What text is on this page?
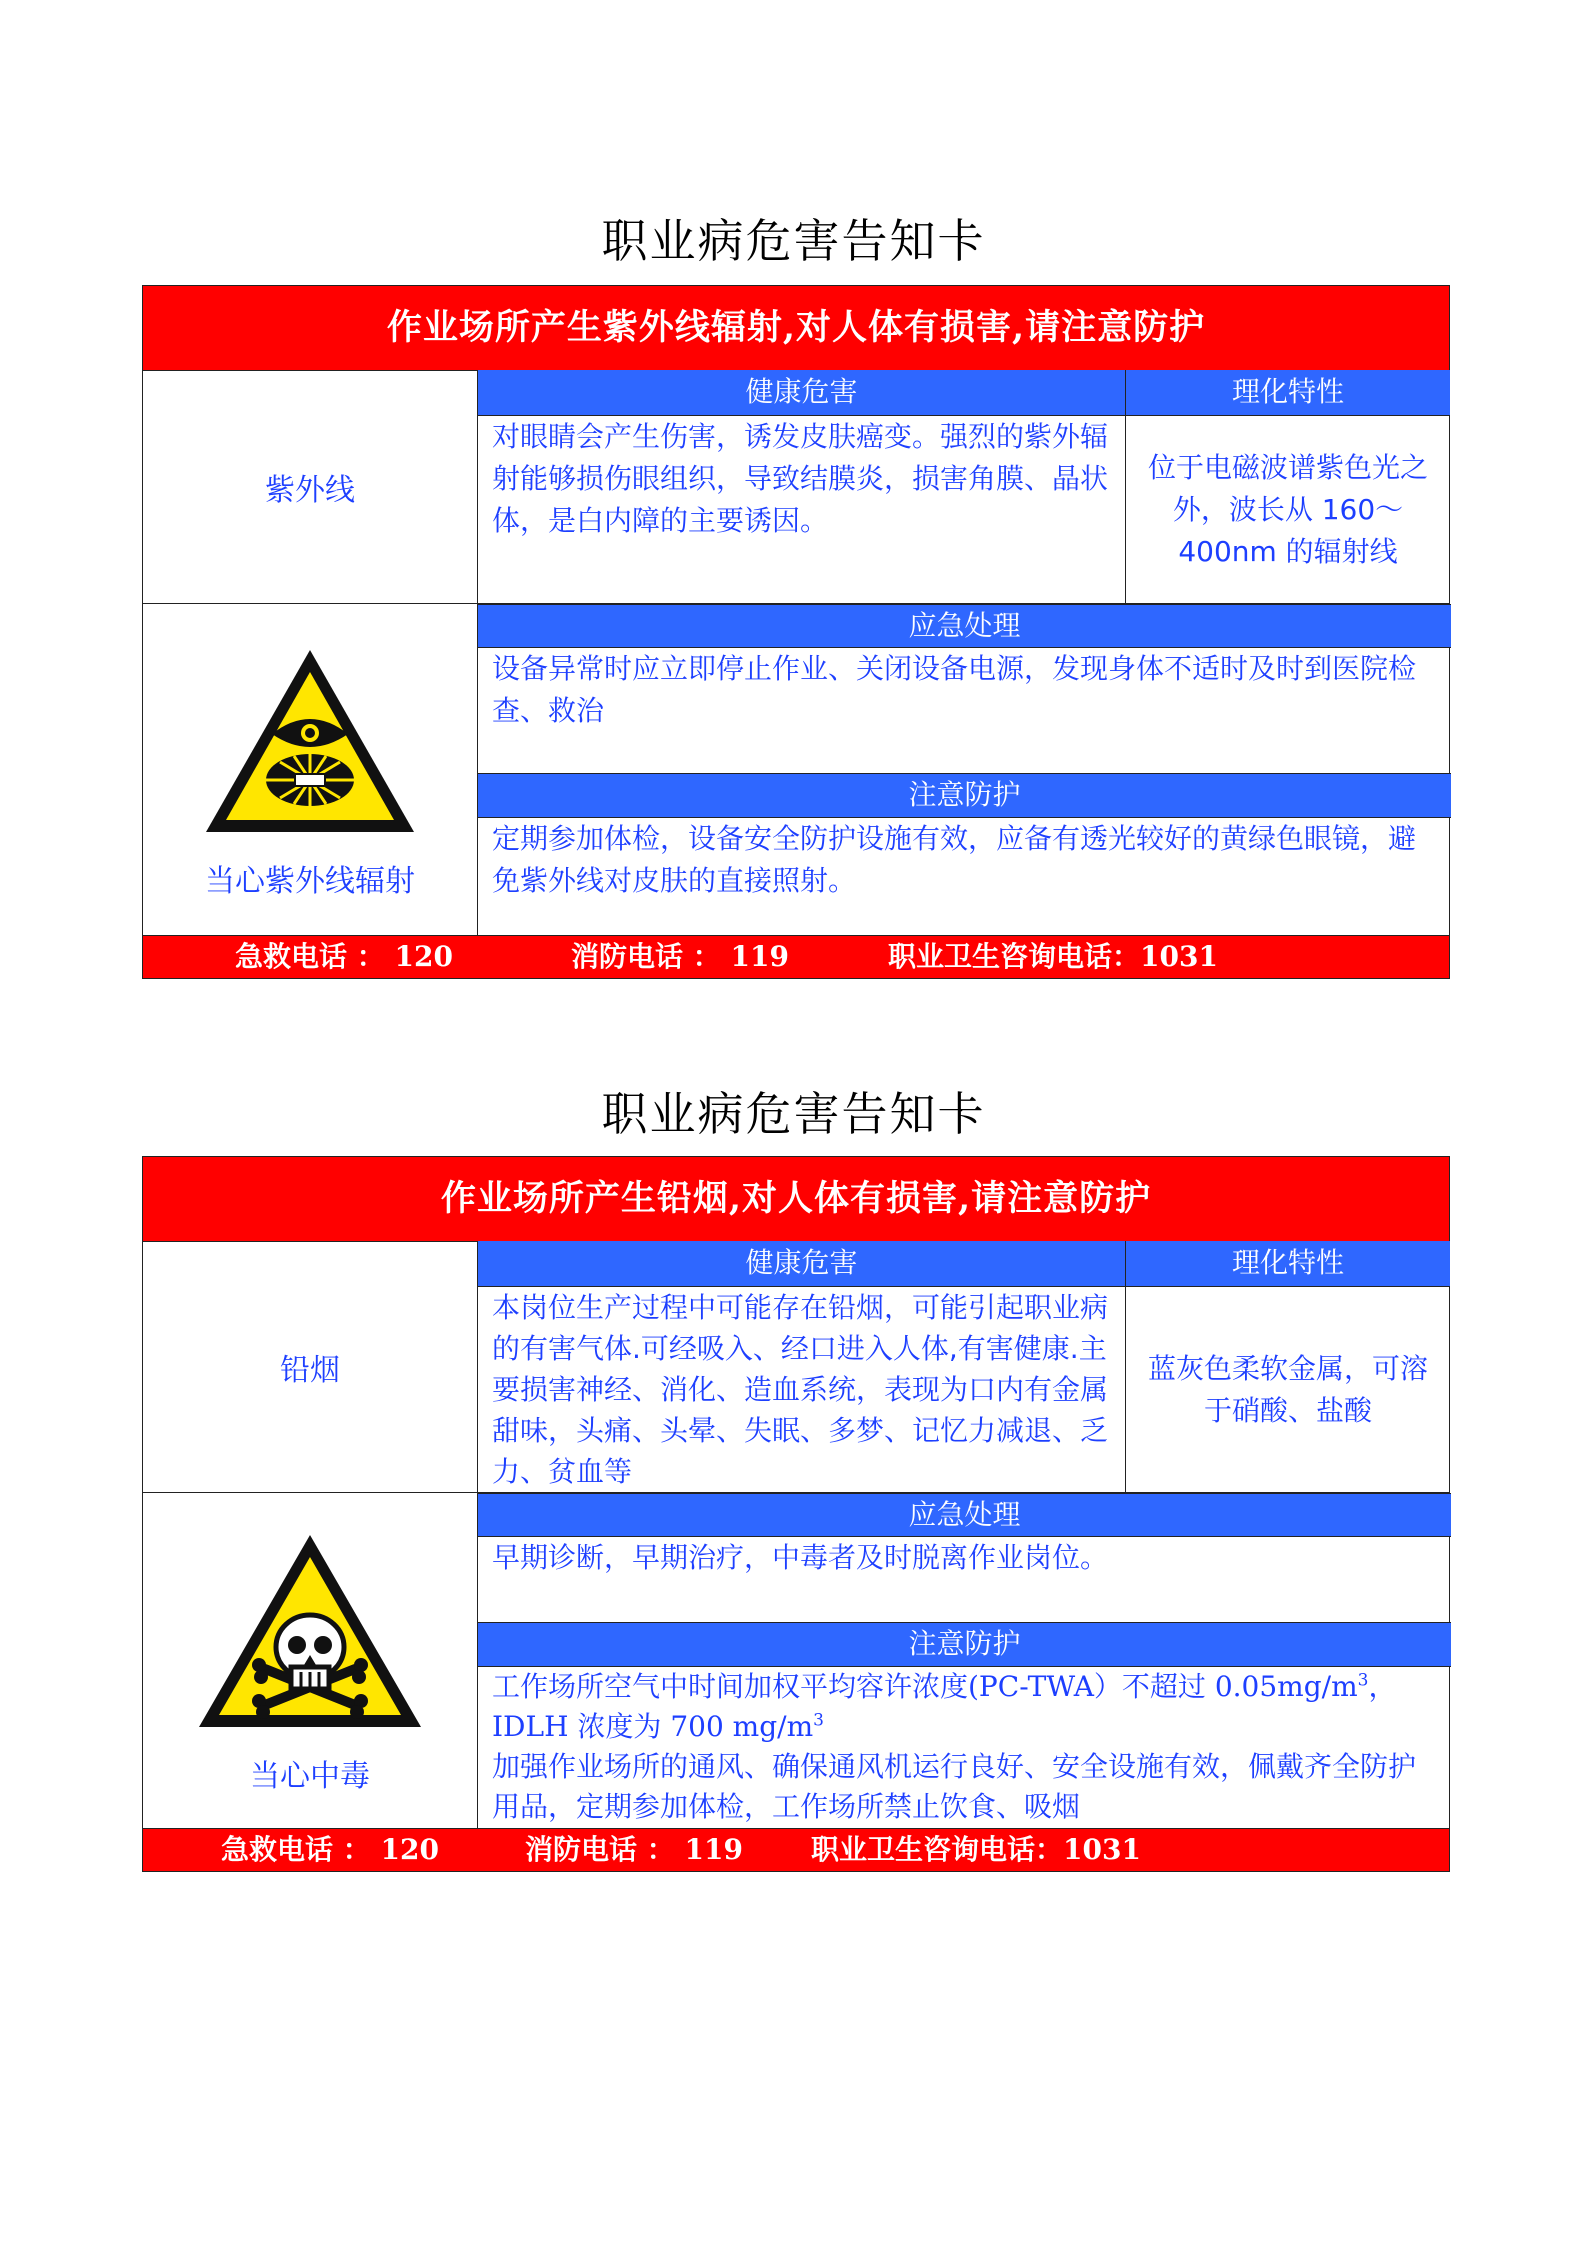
职业病危害告知卡
作业场所产生紫外线辐射,对人体有损害,请注意防护
紫外线
健康危害	理化特性
对眼睛会产生伤害，诱发皮肤癌变。强烈的紫外辐射能够损伤眼组织，导致结膜炎，损害角膜、晶状体，是白内障的主要诱因。
位于电磁波谱紫色光之外，波长从 160～400nm 的辐射线
当心紫外线辐射
应急处理
设备异常时应立即停止作业、关闭设备电源，发现身体不适时及时到医院检查、救治
注意防护
定期参加体检，设备安全防护设施有效，应备有透光较好的黄绿色眼镜，避免紫外线对皮肤的直接照射。
急救电话 ： 120	消防电话 ： 119	职业卫生咨询电话：1031
职业病危害告知卡
作业场所产生铅烟,对人体有损害,请注意防护
铅烟
健康危害	理化特性
本岗位生产过程中可能存在铅烟，可能引起职业病的有害气体.可经吸入、经口进入人体,有害健康.主要损害神经、消化、造血系统，表现为口内有金属甜味，头痛、头晕、失眠、多梦、记忆力减退、乏力、贫血等
蓝灰色柔软金属，可溶于硝酸、盐酸
当心中毒
应急处理
早期诊断，早期治疗，中毒者及时脱离作业岗位。
注意防护
工作场所空气中时间加权平均容许浓度(PC-TWA）不超过 $0.05mg/m^3$，
IDLH 浓度为 700 $mg/m^3$
加强作业场所的通风、确保通风机运行良好、安全设施有效，佩戴齐全防护用品，定期参加体检，工作场所禁止饮食、吸烟
急救电话 ： 120	消防电话 ： 119 职业卫生咨询电话：1031
